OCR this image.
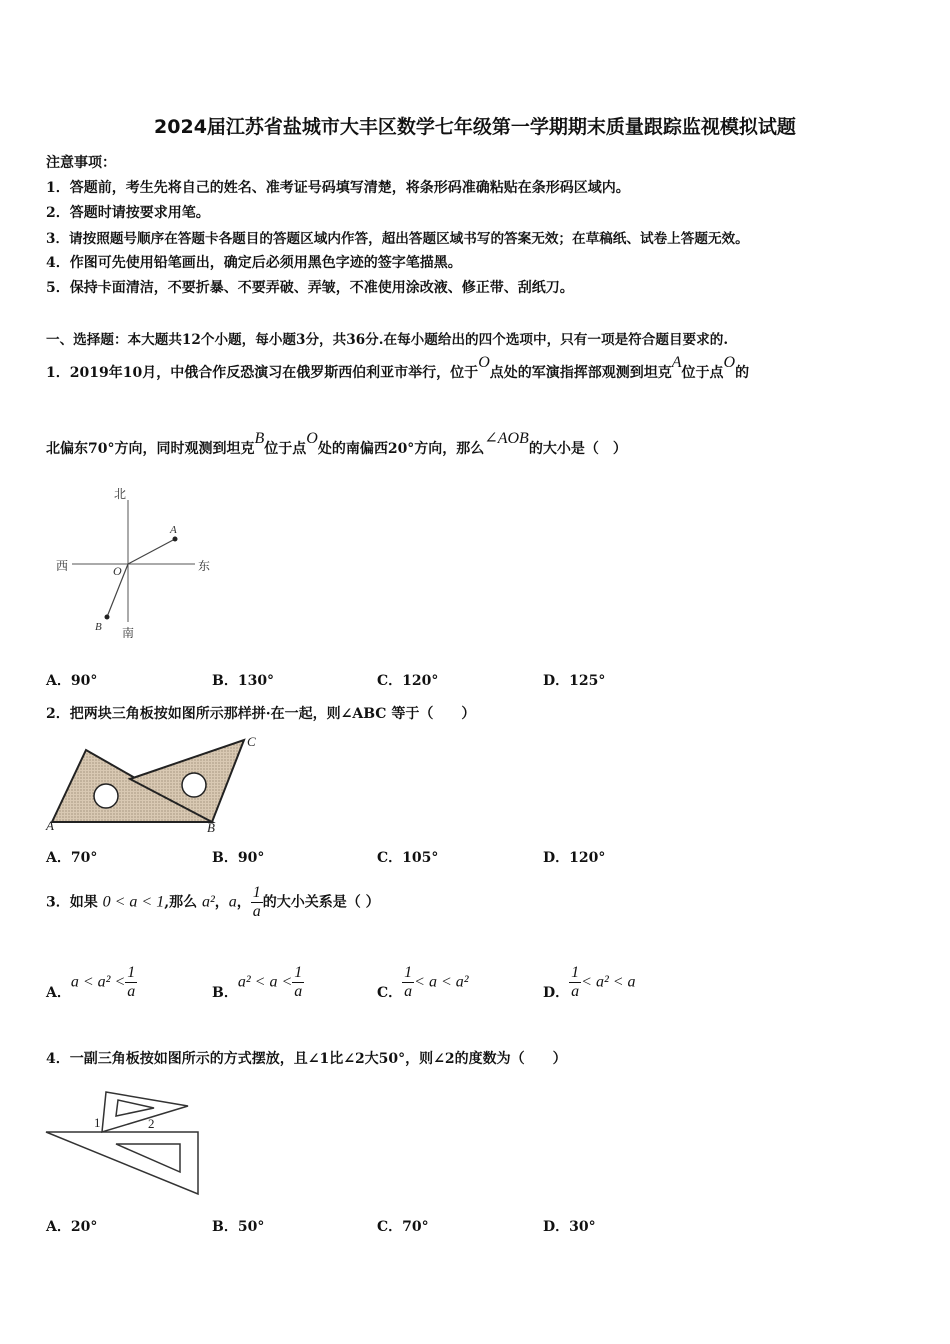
2024届江苏省盐城市大丰区数学七年级第一学期期末质量跟踪监视模拟试题
注意事项：
1．答题前，考生先将自己的姓名、准考证号码填写清楚，将条形码准确粘贴在条形码区域内。
2．答题时请按要求用笔。
3．请按照题号顺序在答题卡各题目的答题区域内作答，超出答题区域书写的答案无效；在草稿纸、试卷上答题无效。
4．作图可先使用铅笔画出，确定后必须用黑色字迹的签字笔描黑。
5．保持卡面清洁，不要折暴、不要弄破、弄皱，不准使用涂改液、修正带、刮纸刀。
一、选择题：本大题共12个小题，每小题3分，共36分.在每小题给出的四个选项中，只有一项是符合题目要求的.
1．2019年10月，中俄合作反恐演习在俄罗斯西伯利亚市举行，位于O点处的军演指挥部观测到坦克A位于点O的
北偏东70°方向，同时观测到坦克B位于点O处的南偏西20°方向，那么∠AOB的大小是（　）
北
南
西	东
O
A
B
A．90°	B．130°	C．120°	D．125°
2．把两块三角板按如图所示那样拼·在一起，则∠ABC 等于（　　）
A	B
C
A．70°	B．90°	C．105°	D．120°
3．如果 0 < a < 1,那么 a²，a， $\frac{1}{a}$ 的大小关系是（ ）
A．$a < a^2 < \frac{1}{a}$	B．$a^2 < a < \frac{1}{a}$	C． $\frac{1}{a} < a < a^2$
D． $\frac{1}{a} < a^2 < a$
4．一副三角板按如图所示的方式摆放，且∠1比∠2大50°，则∠2的度数为（　　）
1	2
A．20°	B．50°	C．70°	D．30°
